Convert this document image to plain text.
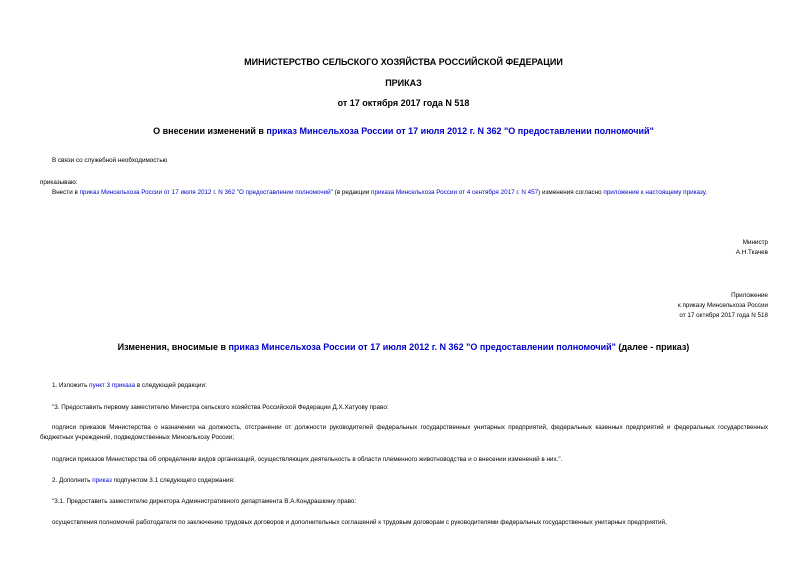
МИНИСТЕРСТВО СЕЛЬСКОГО ХОЗЯЙСТВА РОССИЙСКОЙ ФЕДЕРАЦИИ
ПРИКАЗ
от 17 октября 2017 года N 518
О внесении изменений в приказ Минсельхоза России от 17 июля 2012 г. N 362 "О предоставлении полномочий"
В связи со служебной необходимостью
приказываю:
Внести в приказ Минсельхоза России от 17 июля 2012 г. N 362 "О предоставлении полномочий" (в редакции приказа Минсельхоза России от 4 сентября 2017 г. N 457) изменения согласно приложение к настоящему приказу.
Министр
А.Н.Ткачев
Приложение
к приказу Минсельхоза России
от 17 октября 2017 года N 518
Изменения, вносимые в приказ Минсельхоза России от 17 июля 2012 г. N 362 "О предоставлении полномочий" (далее - приказ)
1. Изложить пункт 3 приказа в следующей редакции:
"3. Предоставить первому заместителю Министра сельского хозяйства Российской Федерации Д.Х.Хатуову право:
подписи приказов Министерства о назначении на должность, отстранении от должности руководителей федеральных государственных унитарных предприятий, федеральных казенных предприятий и федеральных государственных бюджетных учреждений, подведомственных Минсельхозу России;
подписи приказов Министерства об определении видов организаций, осуществляющих деятельность в области племенного животноводства и о внесении изменений в них.".
2. Дополнить приказ подпунктом 3.1 следующего содержания:
"3.1. Предоставить заместителю директора Административного департамента В.А.Кондрашкину право:
осуществления полномочий работодателя по заключению трудовых договоров и дополнительных соглашений к трудовым договорам с руководителями федеральных государственных унитарных предприятий,
